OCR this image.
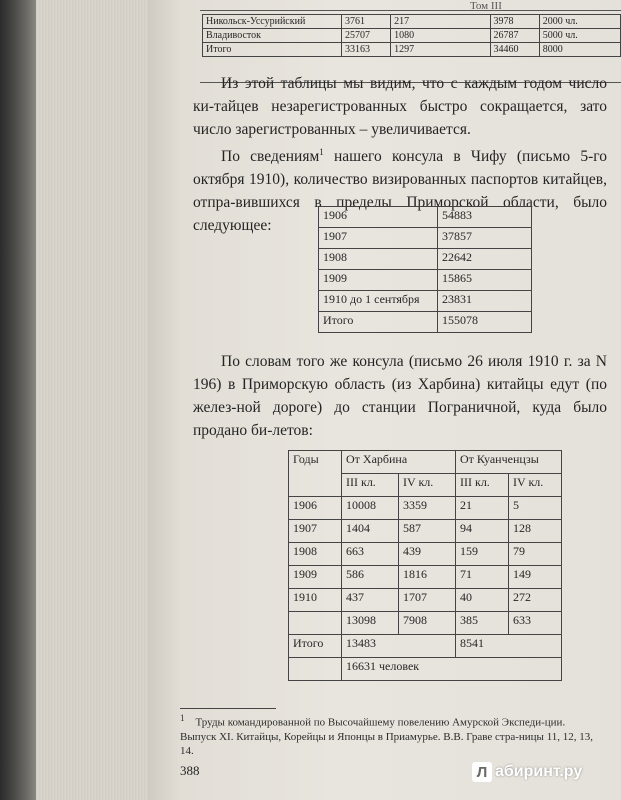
Том III
Никольск-Уссурийский	3761	217	3978	2000 чл.
Владивосток	25707	1080	26787	5000 чл.
Итого	33163	1297	34460	8000

Из этой таблицы мы видим, что с каждым годом число ки-тайцев незарегистрованных быстро сокращается, зато число зарегистрованных – увеличивается.

По сведениям$^1$ нашего консула в Чифу (письмо 5-го октября 1910), количество визированных паспортов китайцев, отпра-вившихся в пределы Приморской области, было следующее:

1906	54883
1907	37857
1908	22642
1909	15865
1910 до 1 сентября	23831
Итого	155078

По словам того же консула (письмо 26 июля 1910 г. за N 196) в Приморскую область (из Харбина) китайцы едут (по желез-ной дороге) до станции Пограничной, куда было продано би-летов:

Годы	От Харбина		От Куанченцзы	
	III кл.	IV кл.	III кл.	IV кл.
1906	10008	3359	21	5
1907	1404	587	94	128
1908	663	439	159	79
1909	586	1816	71	149
1910	437	1707	40	272
	13098	7908	385	633
Итого	13483		8541	
	16631 человек			

$^1$ Труды командированной по Высочайшему повелению Амурской Экспеди-ции. Выпуск XI. Китайцы, Корейцы и Японцы в Приамурье. В.В. Граве стра-ницы 11, 12, 13, 14.

388	Л абиринт.ру
